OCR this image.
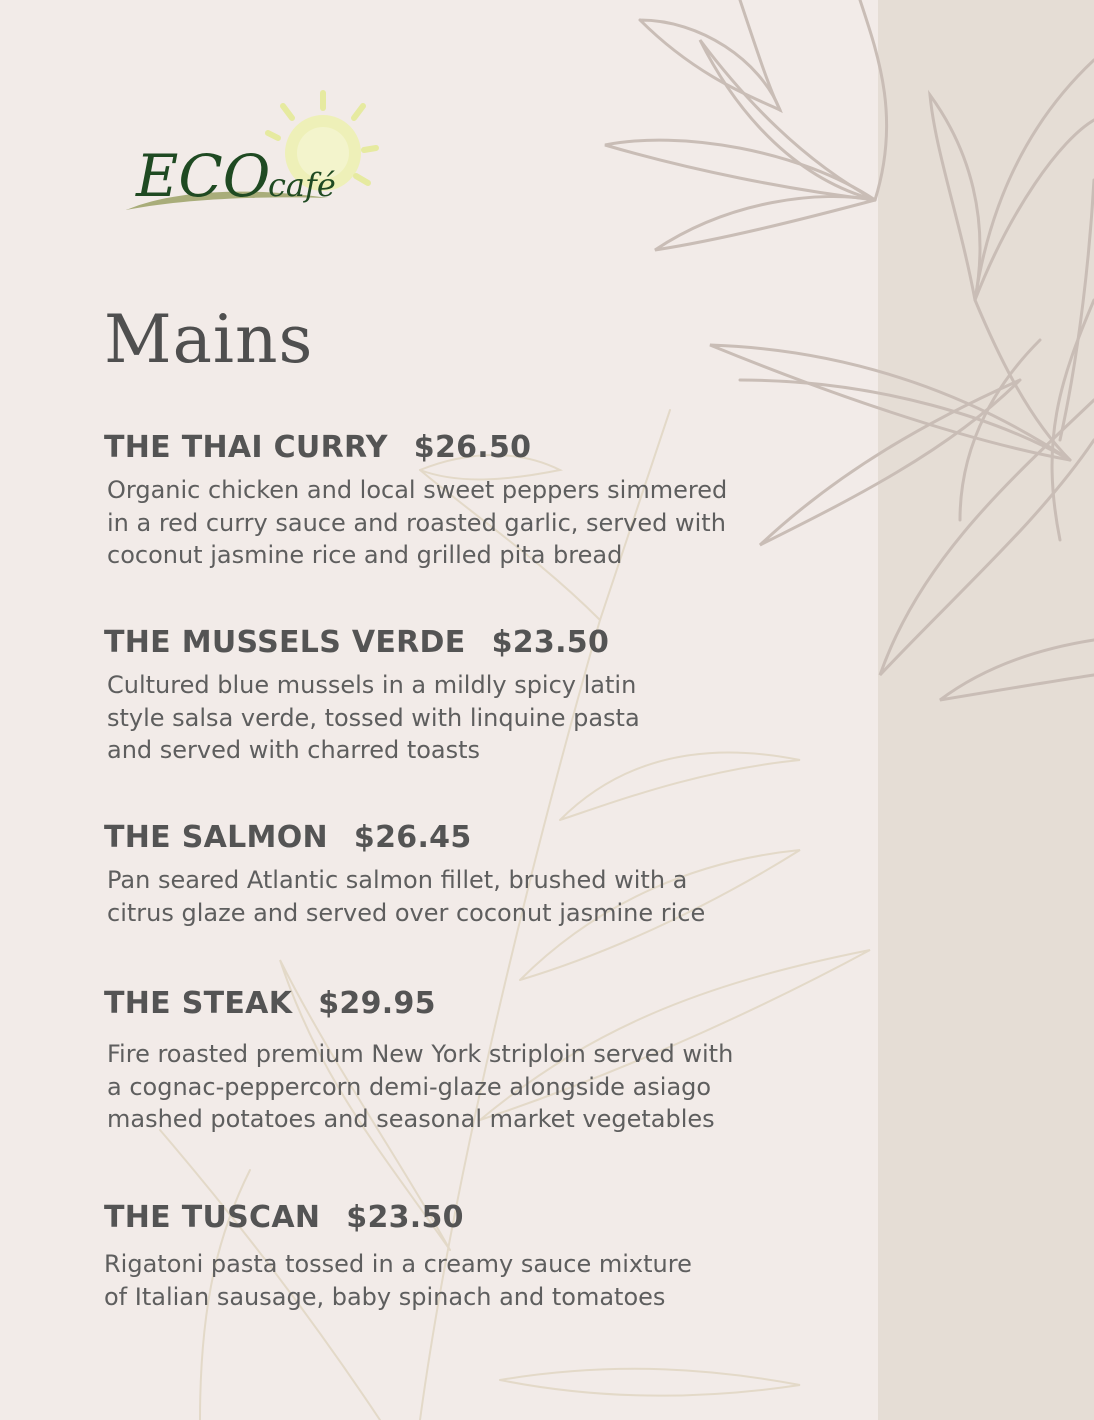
ECO
café
Mains

THE THAI CURRY $26.50

Organic chicken and local sweet peppers simmered
in a red curry sauce and roasted garlic, served with
coconut jasmine rice and grilled pita bread

THE MUSSELS VERDE $23.50

Cultured blue mussels in a mildly spicy latin
style salsa verde, tossed with linquine pasta
and served with charred toasts

THE SALMON $26.45

Pan seared Atlantic salmon fillet, brushed with a
citrus glaze and served over coconut jasmine rice

THE STEAK $29.95

Fire roasted premium New York striploin served with
a cognac-peppercorn demi-glaze alongside asiago
mashed potatoes and seasonal market vegetables

THE TUSCAN $23.50

Rigatoni pasta tossed in a creamy sauce mixture
of Italian sausage, baby spinach and tomatoes
